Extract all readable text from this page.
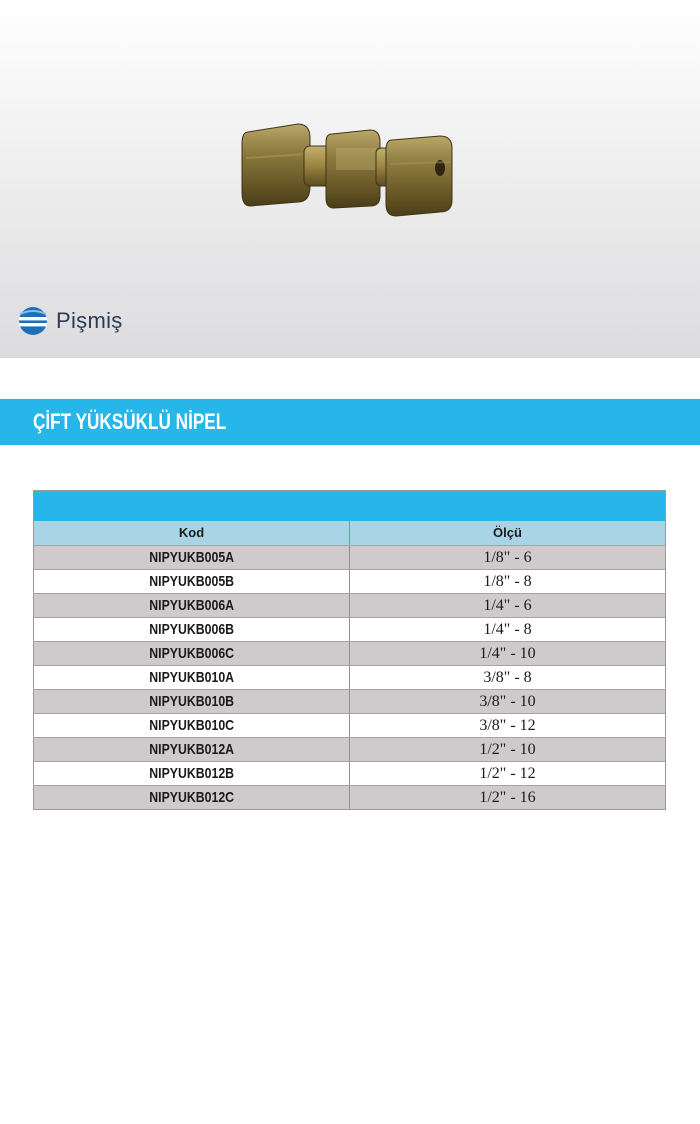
Pişmiş
ÇİFT YÜKSÜKLÜ NİPEL
Kod	Ölçü
NIPYUKB005A	1/8" - 6
NIPYUKB005B	1/8" - 8
NIPYUKB006A	1/4" - 6
NIPYUKB006B	1/4" - 8
NIPYUKB006C	1/4" - 10
NIPYUKB010A	3/8" - 8
NIPYUKB010B	3/8" - 10
NIPYUKB010C	3/8" - 12
NIPYUKB012A	1/2" - 10
NIPYUKB012B	1/2" - 12
NIPYUKB012C	1/2" - 16
